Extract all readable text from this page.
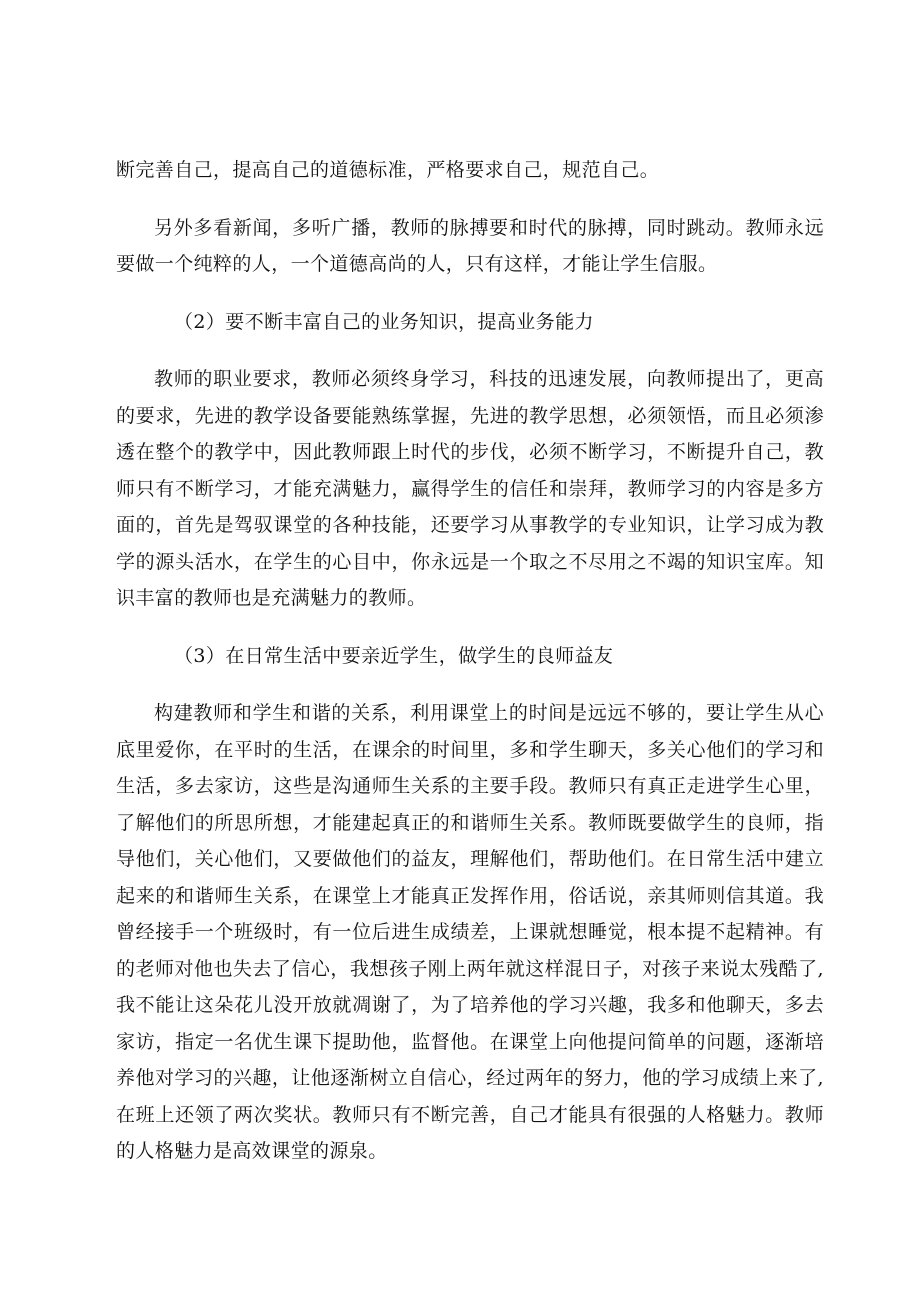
断完善自己，提高自己的道德标准，严格要求自己，规范自己。

另外多看新闻，多听广播，教师的脉搏要和时代的脉搏，同时跳动。教师永远要做一个纯粹的人，一个道德高尚的人，只有这样，才能让学生信服。

（2）要不断丰富自己的业务知识，提高业务能力

教师的职业要求，教师必须终身学习，科技的迅速发展，向教师提出了，更高的要求，先进的教学设备要能熟练掌握，先进的教学思想，必须领悟，而且必须渗透在整个的教学中，因此教师跟上时代的步伐，必须不断学习，不断提升自己，教师只有不断学习，才能充满魅力，赢得学生的信任和崇拜，教师学习的内容是多方面的，首先是驾驭课堂的各种技能，还要学习从事教学的专业知识，让学习成为教学的源头活水，在学生的心目中，你永远是一个取之不尽用之不竭的知识宝库。知识丰富的教师也是充满魅力的教师。

（3）在日常生活中要亲近学生，做学生的良师益友

构建教师和学生和谐的关系，利用课堂上的时间是远远不够的，要让学生从心底里爱你，在平时的生活，在课余的时间里，多和学生聊天，多关心他们的学习和生活，多去家访，这些是沟通师生关系的主要手段。教师只有真正走进学生心里，了解他们的所思所想，才能建起真正的和谐师生关系。教师既要做学生的良师，指导他们，关心他们，又要做他们的益友，理解他们，帮助他们。在日常生活中建立起来的和谐师生关系，在课堂上才能真正发挥作用，俗话说，亲其师则信其道。我曾经接手一个班级时，有一位后进生成绩差，上课就想睡觉，根本提不起精神。有的老师对他也失去了信心，我想孩子刚上两年就这样混日子，对孩子来说太残酷了,我不能让这朵花儿没开放就凋谢了，为了培养他的学习兴趣，我多和他聊天，多去家访，指定一名优生课下提助他，监督他。在课堂上向他提问简单的问题，逐渐培养他对学习的兴趣，让他逐渐树立自信心，经过两年的努力，他的学习成绩上来了,在班上还领了两次奖状。教师只有不断完善，自己才能具有很强的人格魅力。教师的人格魅力是高效课堂的源泉。
